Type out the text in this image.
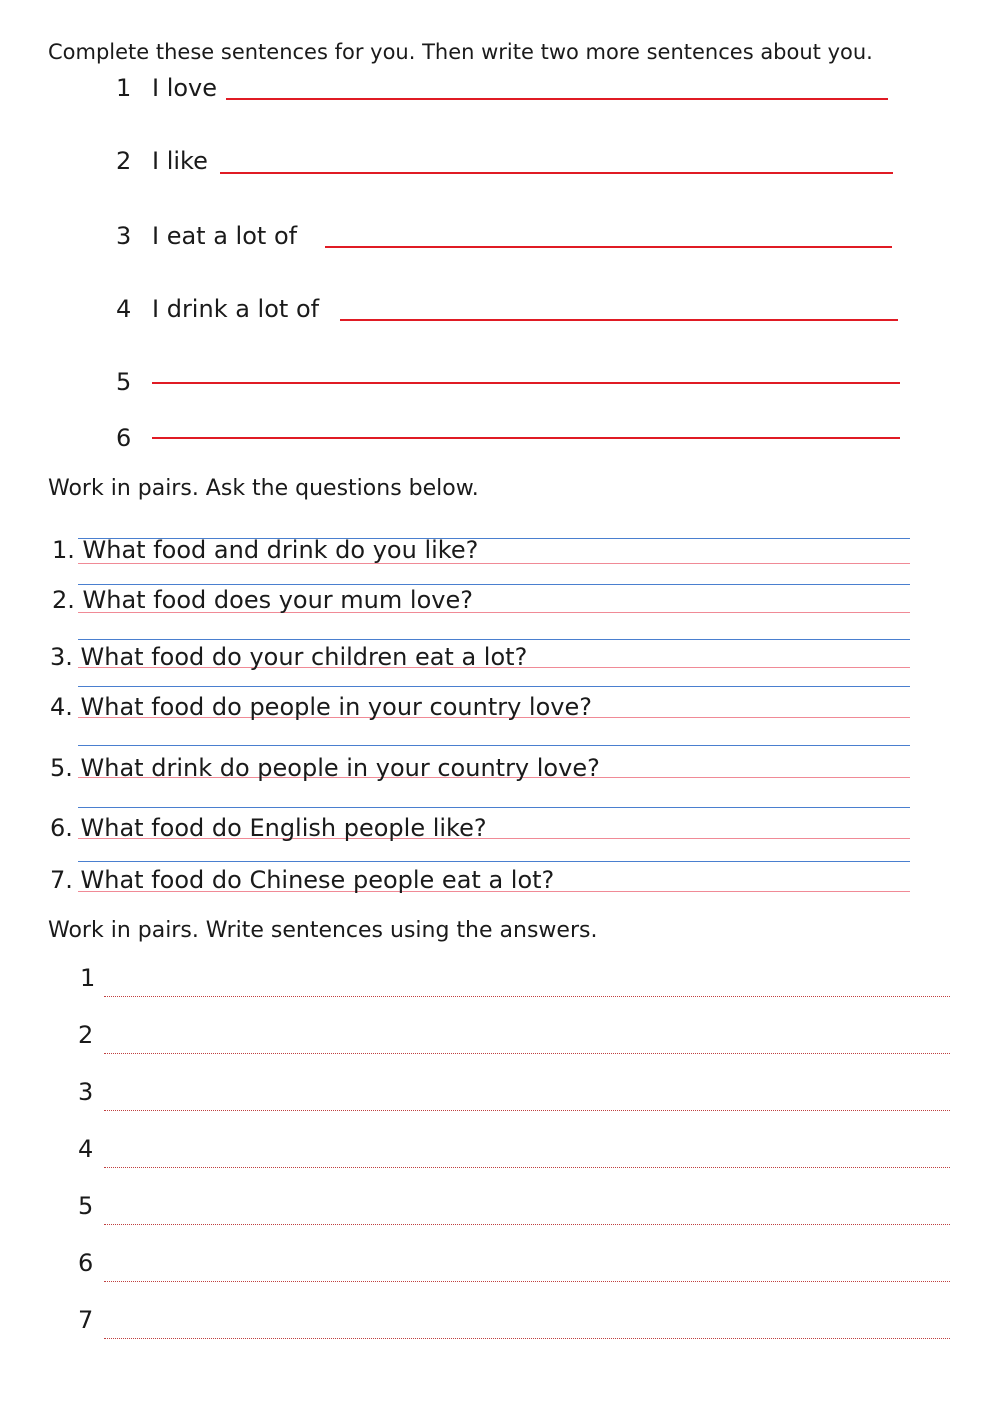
Complete these sentences for you. Then write two more sentences about you.
1 I love
2 I like
3 I eat a lot of
4 I drink a lot of
5
6
Work in pairs. Ask the questions below.
1. What food and drink do you like?
2. What food does your mum love?
3. What food do your children eat a lot?
4. What food do people in your country love?
5. What drink do people in your country love?
6. What food do English people like?
7. What food do Chinese people eat a lot?
Work in pairs. Write sentences using the answers.
1
2
3
4
5
6
7
